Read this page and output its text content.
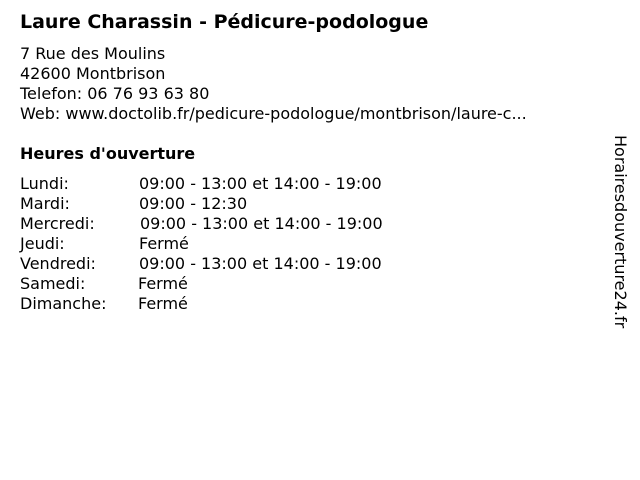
Laure Charassin - Pédicure-podologue
7 Rue des Moulins
42600 Montbrison
Telefon: 06 76 93 63 80
Web: www.doctolib.fr/pedicure-podologue/montbrison/laure-c...
Heures d'ouverture
Lundi:	09:00 - 13:00 et 14:00 - 19:00
Mardi:	09:00 - 12:30
Mercredi:	09:00 - 13:00 et 14:00 - 19:00
Jeudi:	Fermé
Vendredi:	09:00 - 13:00 et 14:00 - 19:00
Samedi:	Fermé
Dimanche: Fermé	Horairesdouverture24.fr
